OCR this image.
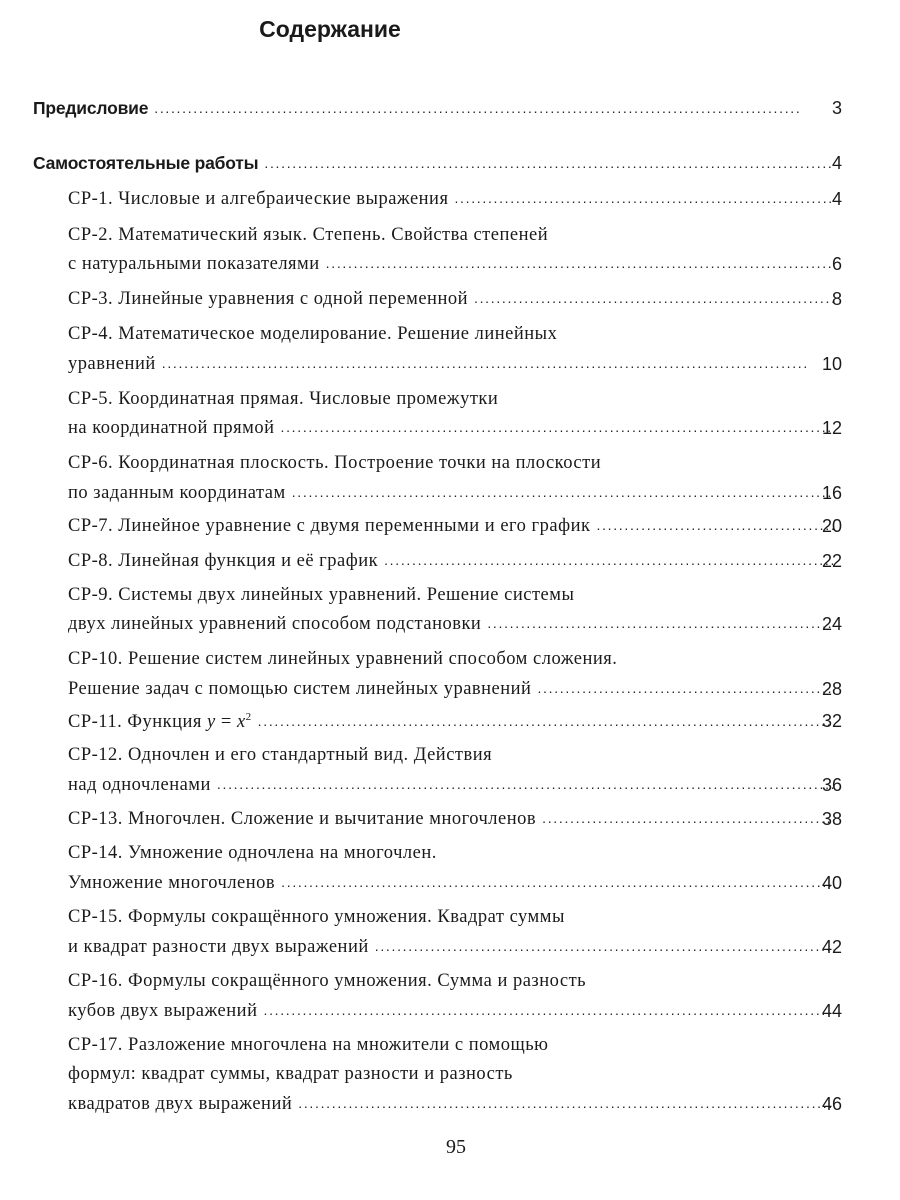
Содержание
Предисловие . . .	3
Самостоятельные работы . . .	4
СР-1. Числовые и алгебраические выражения . . .	4
СР-2. Математический язык. Степень. Свойства степеней
с натуральными показателями . . .	6
СР-3. Линейные уравнения с одной переменной . . .	8
СР-4. Математическое моделирование. Решение линейных
уравнений . . .	10
СР-5. Координатная прямая. Числовые промежутки
на координатной прямой . . .	12
СР-6. Координатная плоскость. Построение точки на плоскости
по заданным координатам . . .	16
СР-7. Линейное уравнение с двумя переменными и его график . . .	20
СР-8. Линейная функция и её график . . .	22
СР-9. Системы двух линейных уравнений. Решение системы
двух линейных уравнений способом подстановки . . .	24
СР-10. Решение систем линейных уравнений способом сложения.
Решение задач с помощью систем линейных уравнений . . .	28
СР-11. Функция $y = x^2$ . . .	32
СР-12. Одночлен и его стандартный вид. Действия
над одночленами . . .	36
СР-13. Многочлен. Сложение и вычитание многочленов . . .	38
СР-14. Умножение одночлена на многочлен.
Умножение многочленов . . .	40
СР-15. Формулы сокращённого умножения. Квадрат суммы
и квадрат разности двух выражений . . .	42
СР-16. Формулы сокращённого умножения. Сумма и разность
кубов двух выражений . . .	44
СР-17. Разложение многочлена на множители с помощью
формул: квадрат суммы, квадрат разности и разность
квадратов двух выражений . . .	46
95
